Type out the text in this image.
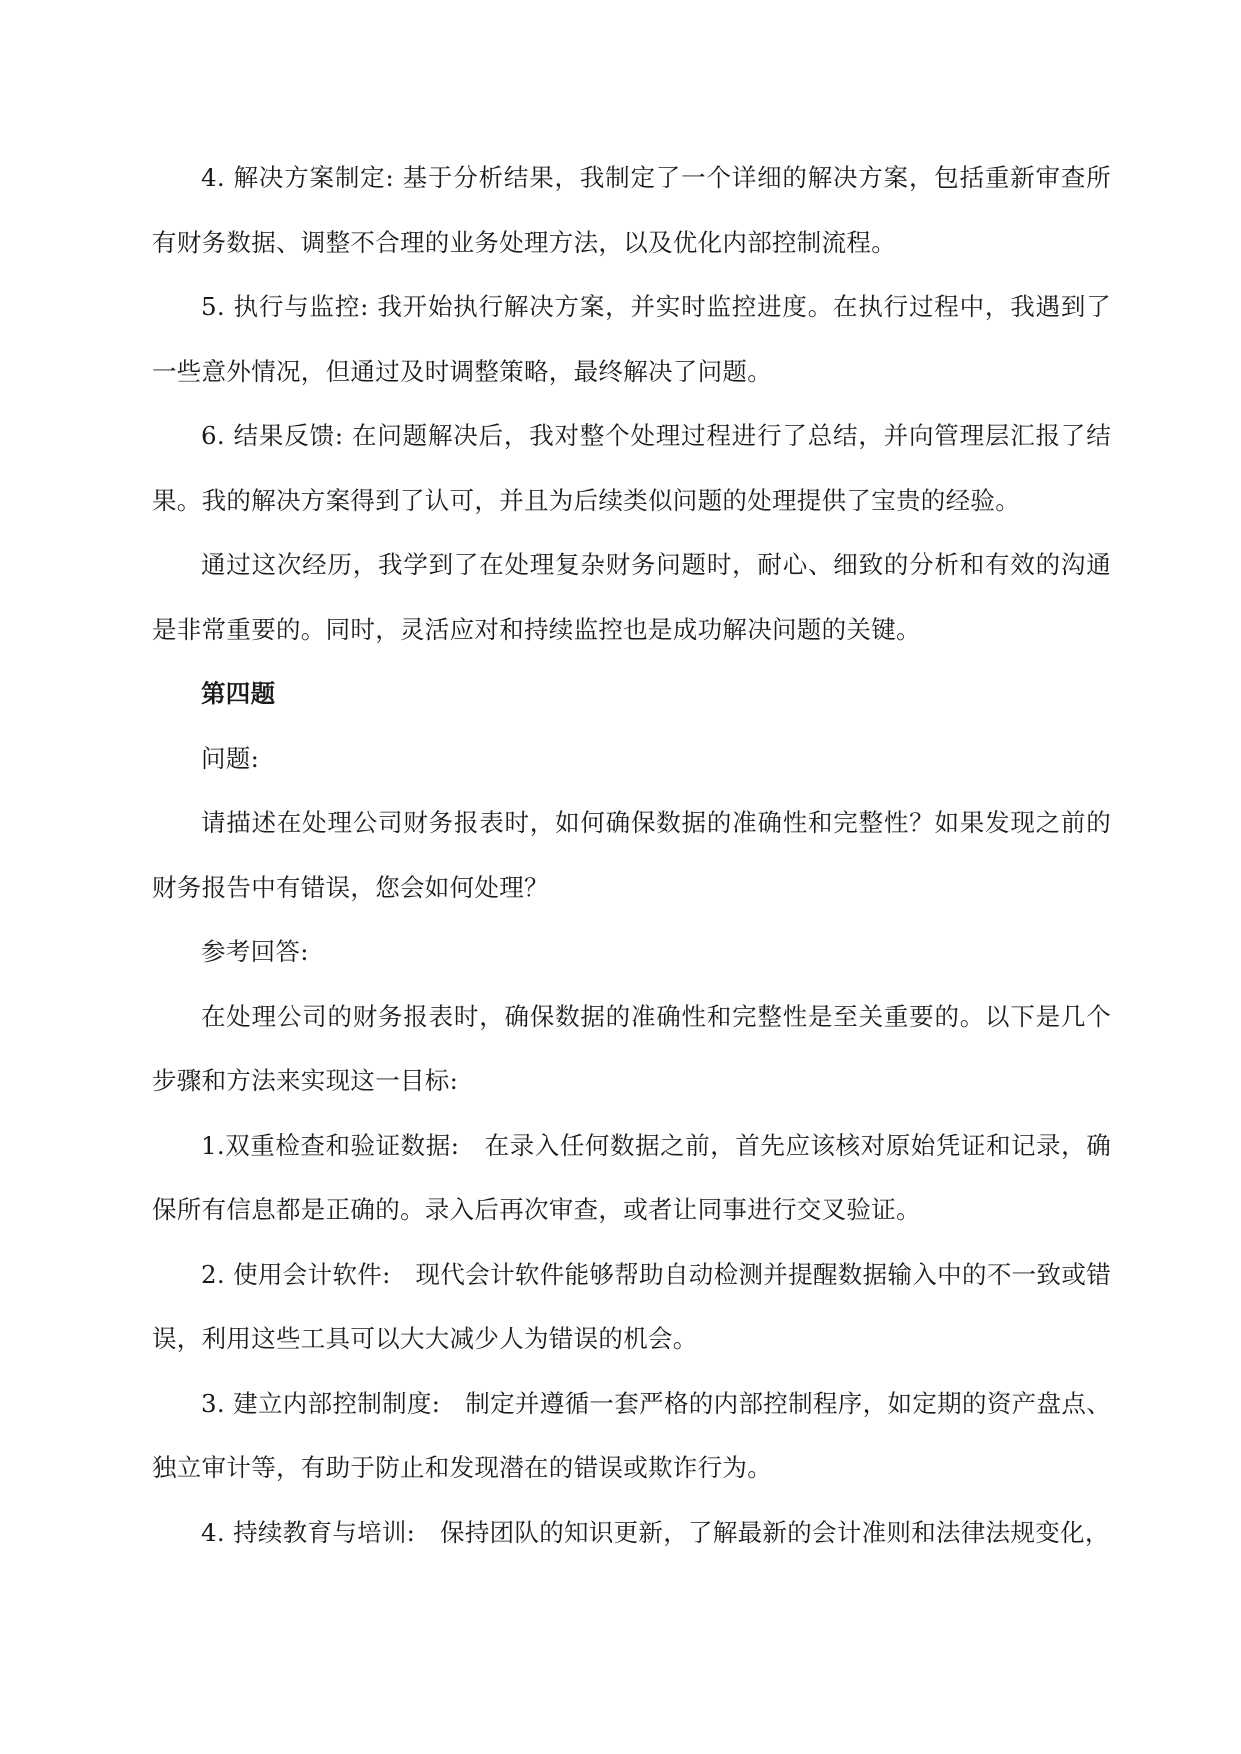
4. 解决方案制定: 基于分析结果，我制定了一个详细的解决方案，包括重新审查所有财务数据、调整不合理的业务处理方法，以及优化内部控制流程。

5. 执行与监控: 我开始执行解决方案，并实时监控进度。在执行过程中，我遇到了一些意外情况，但通过及时调整策略，最终解决了问题。

6. 结果反馈: 在问题解决后，我对整个处理过程进行了总结，并向管理层汇报了结果。我的解决方案得到了认可，并且为后续类似问题的处理提供了宝贵的经验。

通过这次经历，我学到了在处理复杂财务问题时，耐心、细致的分析和有效的沟通是非常重要的。同时，灵活应对和持续监控也是成功解决问题的关键。

第四题

问题:

请描述在处理公司财务报表时，如何确保数据的准确性和完整性？如果发现之前的财务报告中有错误，您会如何处理？

参考回答:

在处理公司的财务报表时，确保数据的准确性和完整性是至关重要的。以下是几个步骤和方法来实现这一目标:

1.双重检查和验证数据:　在录入任何数据之前，首先应该核对原始凭证和记录，确保所有信息都是正确的。录入后再次审查，或者让同事进行交叉验证。

2. 使用会计软件:　现代会计软件能够帮助自动检测并提醒数据输入中的不一致或错误，利用这些工具可以大大减少人为错误的机会。

3. 建立内部控制制度:　制定并遵循一套严格的内部控制程序，如定期的资产盘点、独立审计等，有助于防止和发现潜在的错误或欺诈行为。

4. 持续教育与培训:　保持团队的知识更新，了解最新的会计准则和法律法规变化，
